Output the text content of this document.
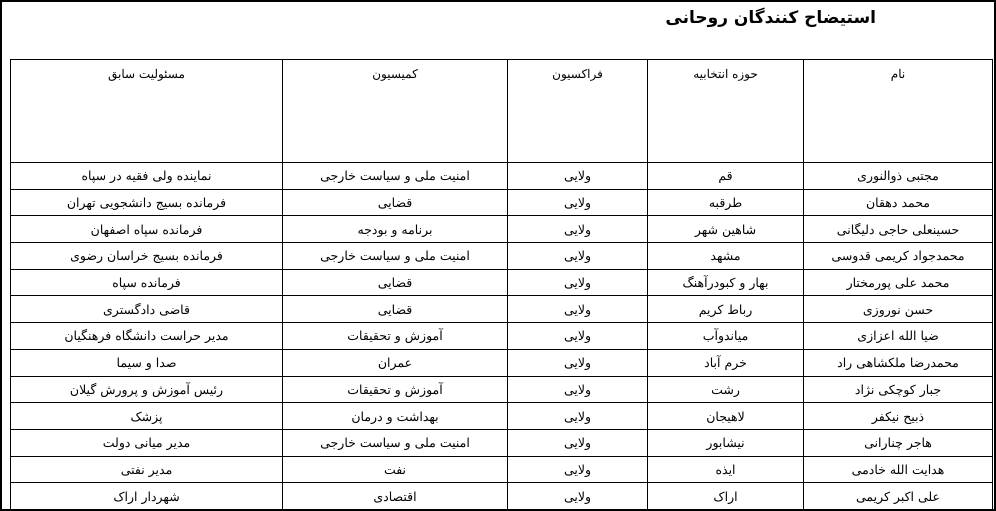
استیضاح کنندگان روحانی
نام	حوزه انتخابیه	فراکسیون	کمیسیون	مسئولیت سابق
مجتبی ذوالنوری	قم	ولایی	امنیت ملی و سیاست خارجی	نماینده ولی فقیه در سپاه
محمد دهقان	طرقبه	ولایی	قضایی	فرمانده بسیج دانشجویی تهران
حسینعلی حاجی دلیگانی	شاهین شهر	ولایی	برنامه و بودجه	فرمانده سپاه اصفهان
محمدجواد کریمی قدوسی	مشهد	ولایی	امنیت ملی و سیاست خارجی	فرمانده بسیج خراسان رضوی
محمد علی پورمختار	بهار و کبودرآهنگ	ولایی	قضایی	فرمانده سپاه
حسن نوروزی	رباط کریم	ولایی	قضایی	قاضی دادگستری
ضیا الله اعزازی	میاندوآب	ولایی	آموزش و تحقیقات	مدیر حراست دانشگاه فرهنگیان
محمدرضا ملکشاهی راد	خرم آباد	ولایی	عمران	صدا و سیما
جبار کوچکی نژاد	رشت	ولایی	آموزش و تحقیقات	رئیس آموزش و پرورش گیلان
ذبیح نیکفر	لاهیجان	ولایی	بهداشت و درمان	پزشک
هاجر چنارانی	نیشابور	ولایی	امنیت ملی و سیاست خارجی	مدیر میانی دولت
هدایت الله خادمی	ایذه	ولایی	نفت	مدیر نفتی
علی اکبر کریمی	اراک	ولایی	اقتصادی	شهردار اراک
